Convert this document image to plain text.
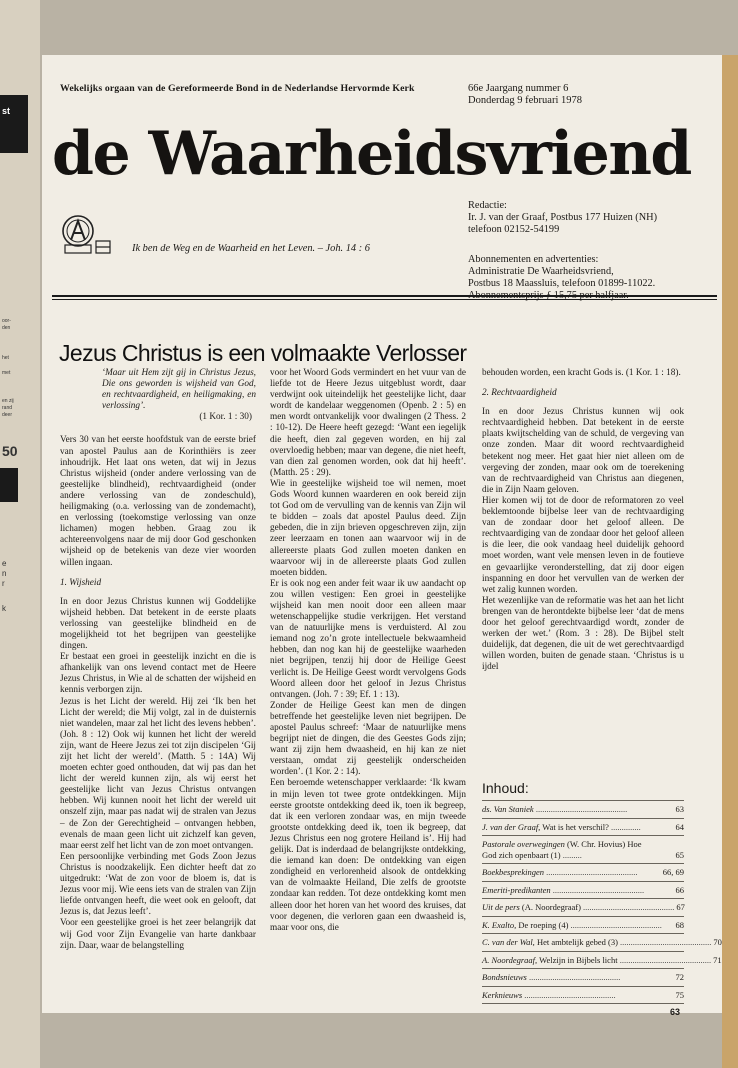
st
oor-
den
het
met
en zij
rand
deer
50
e
n
r
k
Wekelijks orgaan van de Gereformeerde Bond in de Nederlandse Hervormde Kerk	66e Jaargang nummer 6
Donderdag 9 februari 1978
de Waarheidsvriend
Ik ben de Weg en de Waarheid en het Leven. – Joh. 14 : 6
Redactie:
Ir. J. van der Graaf, Postbus 177 Huizen (NH)
telefoon 02152-54199
Abonnementen en advertenties:
Administratie De Waarheidsvriend,
Postbus 18 Maassluis, telefoon 01899-11022.
Jezus Christus is een volmaakte Verlosser
‘Maar uit Hem zijt gij in Christus Jezus, Die ons geworden is wijsheid van God, en rechtvaardigheid, en heiligmaking, en verlossing’.
(1 Kor. 1 : 30)

Vers 30 van het eerste hoofdstuk van de eerste brief van apostel Paulus aan de Korinthiërs is zeer inhoudrijk. Het laat ons weten, dat wij in Jezus Christus wijsheid (onder andere verlossing van de geestelijke blindheid), rechtvaardigheid (onder andere verlossing van de zondeschuld), heiligmaking (o.a. verlossing van de zondemacht), en verlossing (toekomstige verlossing van onze lichamen) mogen hebben. Graag zou ik achtereenvolgens naar de mij door God geschonken wijsheid op de betekenis van deze vier woorden willen ingaan.

1. Wijsheid

In en door Jezus Christus kunnen wij Goddelijke wijsheid hebben. Dat betekent in de eerste plaats verlossing van geestelijke blindheid en de mogelijkheid tot het begrijpen van geestelijke dingen.

Er bestaat een groei in geestelijk inzicht en die is afhankelijk van ons levend contact met de Heere Jezus Christus, in Wie al de schatten der wijsheid en kennis verborgen zijn.

Jezus is het Licht der wereld. Hij zei ‘Ik ben het Licht der wereld; die Mij volgt, zal in de duisternis niet wandelen, maar zal het licht des levens hebben’. (Joh. 8 : 12) Ook wij kunnen het licht der wereld zijn, want de Heere Jezus zei tot zijn discipelen ‘Gij zijt het licht der wereld’. (Matth. 5 : 14A) Wij moeten echter goed onthouden, dat wij pas dan het licht der wereld kunnen zijn, als wij eerst het geestelijke licht van Jezus Christus ontvangen hebben. Wij kunnen nooit het licht der wereld uit onszelf zijn, maar pas nadat wij de stralen van Jezus – de Zon der Gerechtigheid – ontvangen hebben, evenals de maan geen licht uit zichzelf kan geven, maar eerst zelf het licht van de zon moet ontvangen.

Een persoonlijke verbinding met Gods Zoon Jezus Christus is noodzakelijk. Een dichter heeft dat zo uitgedrukt: ‘Wat de zon voor de bloem is, dat is Jezus voor mij. Wie eens iets van de stralen van Zijn liefde ontvangen heeft, die weet ook en gelooft, dat Jezus is, dat Jezus leeft’.

Voor een geestelijke groei is het zeer belangrijk dat wij God voor Zijn Evangelie van harte dankbaar zijn. Daar, waar de belangstelling

voor het Woord Gods vermindert en het vuur van de liefde tot de Heere Jezus uitgeblust wordt, daar verdwijnt ook uiteindelijk het geestelijke licht, daar wordt de kandelaar weggenomen (Openb. 2 : 5) en men wordt ontvankelijk voor dwalingen (2 Thess. 2 : 10-12). De Heere heeft gezegd: ‘Want een iegelijk die heeft, dien zal gegeven worden, en hij zal overvloedig hebben; maar van degene, die niet heeft, van dien zal genomen worden, ook dat hij heeft’. (Matth. 25 : 29).

Wie in geestelijke wijsheid toe wil nemen, moet Gods Woord kunnen waarderen en ook bereid zijn tot God om de vervulling van de kennis van Zijn wil te bidden – zoals dat apostel Paulus deed. Zijn gebeden, die in zijn brieven opgeschreven zijn, zijn zeer leerzaam en tonen aan waarvoor wij in de allereerste plaats God zullen moeten danken en waarvoor wij in de allereerste plaats God zullen moeten bidden.

Er is ook nog een ander feit waar ik uw aandacht op zou willen vestigen: Een groei in geestelijke wijsheid kan men nooit door een alleen maar wetenschappelijke studie verkrijgen. Het verstand van de natuurlijke mens is verduisterd. Al zou iemand nog zo’n grote intellectuele bekwaamheid hebben, dan nog kan hij de geestelijke waarheden niet begrijpen, tenzij hij door de Heilige Geest verlicht is. De Heilige Geest wordt vervolgens Gods Woord alleen door het geloof in Jezus Christus ontvangen. (Joh. 7 : 39; Ef. 1 : 13).

Zonder de Heilige Geest kan men de dingen betreffende het geestelijke leven niet begrijpen. De apostel Paulus schreef: ‘Maar de natuurlijke mens begrijpt niet de dingen, die des Geestes Gods zijn; want zij zijn hem dwaasheid, en hij kan ze niet verstaan, omdat zij geestelijk onderscheiden worden’. (1 Kor. 2 : 14).

Een beroemde wetenschapper verklaarde: ‘Ik kwam in mijn leven tot twee grote ontdekkingen. Mijn eerste grootste ontdekking deed ik, toen ik begreep, dat ik een verloren zondaar was, en mijn tweede grootste ontdekking deed ik, toen ik begreep, dat Jezus Christus een nog grotere Heiland is’. Hij had gelijk. Dat is inderdaad de belangrijkste ontdekking, die iemand kan doen: De ontdekking van eigen zondigheid en verlorenheid alsook de ontdekking van de volmaakte Heiland, Die zelfs de grootste zondaar kan redden. Tot deze ontdekking komt men alleen door het horen van het woord des kruises, dat voor degenen, die verloren gaan een dwaasheid is, maar voor ons, die

behouden worden, een kracht Gods is. (1 Kor. 1 : 18).

2. Rechtvaardigheid

In en door Jezus Christus kunnen wij ook rechtvaardigheid hebben. Dat betekent in de eerste plaats kwijtschelding van de schuld, de vergeving van onze zonden. Maar dit woord rechtvaardigheid betekent nog meer. Het gaat hier niet alleen om de vergeving der zonden, maar ook om de toerekening van de rechtvaardigheid van Christus aan diegenen, die in Zijn Naam geloven.

Hier komen wij tot de door de reformatoren zo veel beklemtoonde bijbelse leer van de rechtvaardiging van de zondaar door het geloof alleen. De rechtvaardiging van de zondaar door het geloof alleen is die leer, die ook vandaag heel duidelijk gehoord moet worden, want vele mensen leven in de foutieve en gevaarlijke veronderstelling, dat zij door eigen inspanning en door het vervullen van de werken der wet zalig kunnen worden.

Het wezenlijke van de reformatie was het aan het licht brengen van de herontdekte bijbelse leer ‘dat de mens door het geloof gerechtvaardigd wordt, zonder de werken der wet.’ (Rom. 3 : 28). De Bijbel stelt duidelijk, dat degenen, die uit de wet gerechtvaardigd willen worden, buiten de genade staan. ‘Christus is u ijdel

Inhoud:
ds. Van Staniek ...........................................	63
J. van der Graaf, Wat is het verschil? ..............	64
Pastorale overwegingen (W. Chr. Hovius) Hoe God zich openbaart (1) .........	65
Boekbesprekingen ...........................................	66, 69
Emeriti-predikanten ...........................................	66
Uit de pers (A. Noordegraaf) ........................................... 67
K. Exalto, De roeping (4) ...........................................	68
C. van der Wal, Het ambtelijk gebed (3) ........................................... 70
A. Noordegraaf, Welzijn in Bijbels licht ........................................... 71
Bondsnieuws ...........................................	72
Kerknieuws ...........................................	75
63
